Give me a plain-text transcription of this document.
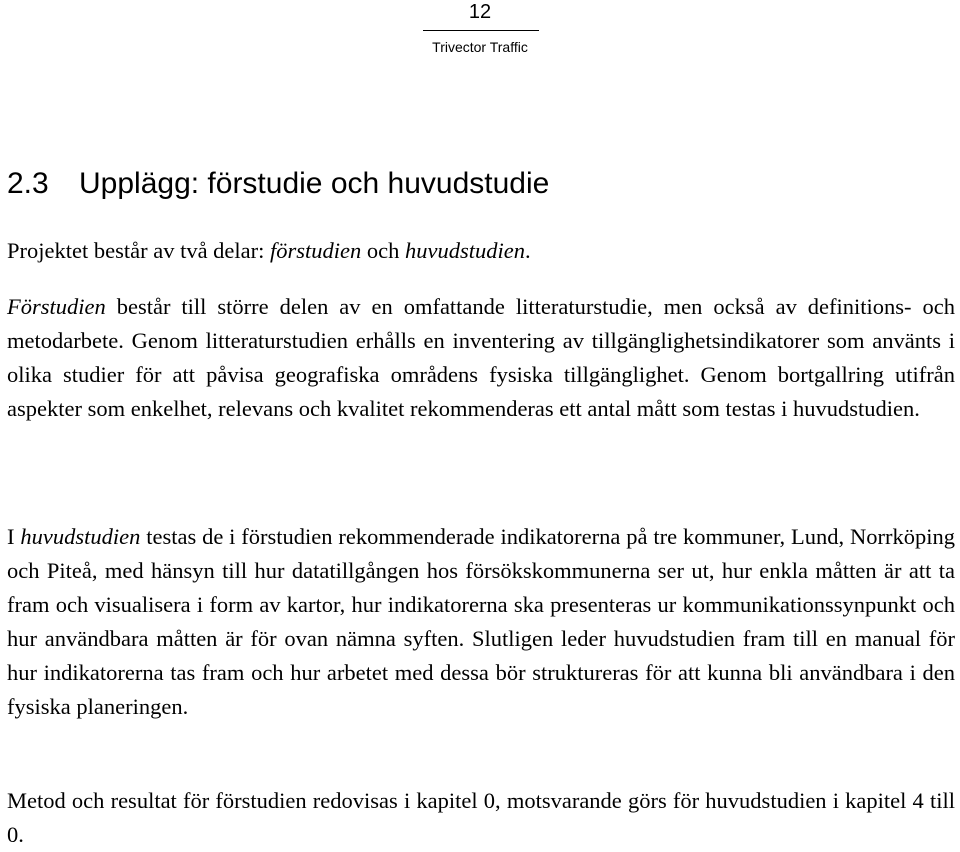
12
Trivector Traffic
2.3 Upplägg: förstudie och huvudstudie

Projektet består av två delar: förstudien och huvudstudien.

Förstudien består till större delen av en omfattande litteraturstudie, men också av definitions- och metodarbete. Genom litteraturstudien erhålls en inventering av tillgänglighetsindikatorer som använts i olika studier för att påvisa geografiska områdens fysiska tillgänglighet. Genom bortgallring utifrån aspekter som enkelhet, relevans och kvalitet rekommenderas ett antal mått som testas i huvudstudien.

I huvudstudien testas de i förstudien rekommenderade indikatorerna på tre kommuner, Lund, Norrköping och Piteå, med hänsyn till hur datatillgången hos försökskommunerna ser ut, hur enkla måtten är att ta fram och visualisera i form av kartor, hur indikatorerna ska presenteras ur kommunikationssynpunkt och hur användbara måtten är för ovan nämna syften. Slutligen leder huvudstudien fram till en manual för hur indikatorerna tas fram och hur arbetet med dessa bör struktureras för att kunna bli användbara i den fysiska planeringen.

Metod och resultat för förstudien redovisas i kapitel 0, motsvarande görs för huvudstudien i kapitel 4 till 0.
